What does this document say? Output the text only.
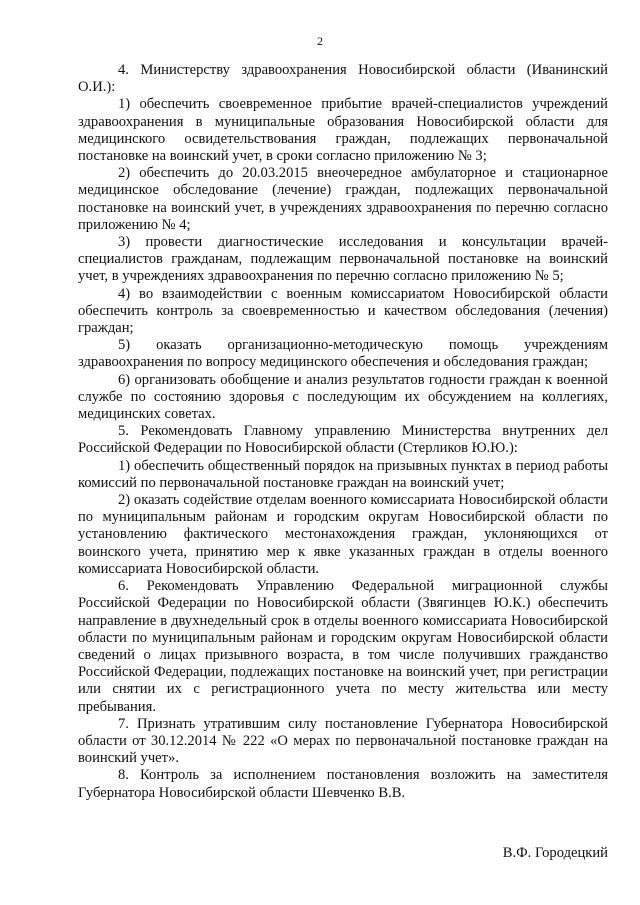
2

4. Министерству здравоохранения Новосибирской области (Иванинский О.И.):

1) обеспечить своевременное прибытие врачей-специалистов учреждений здравоохранения в муниципальные образования Новосибирской области для медицинского освидетельствования граждан, подлежащих первоначальной постановке на воинский учет, в сроки согласно приложению № 3;

2) обеспечить до 20.03.2015 внеочередное амбулаторное и стационарное медицинское обследование (лечение) граждан, подлежащих первоначальной постановке на воинский учет, в учреждениях здравоохранения по перечню согласно приложению № 4;

3) провести диагностические исследования и консультации врачей-специалистов гражданам, подлежащим первоначальной постановке на воинский учет, в учреждениях здравоохранения по перечню согласно приложению № 5;

4) во взаимодействии с военным комиссариатом Новосибирской области обеспечить контроль за своевременностью и качеством обследования (лечения) граждан;

5) оказать организационно-методическую помощь учреждениям здравоохранения по вопросу медицинского обеспечения и обследования граждан;

6) организовать обобщение и анализ результатов годности граждан к военной службе по состоянию здоровья с последующим их обсуждением на коллегиях, медицинских советах.

5. Рекомендовать Главному управлению Министерства внутренних дел Российской Федерации по Новосибирской области (Стерликов Ю.Ю.):

1) обеспечить общественный порядок на призывных пунктах в период работы комиссий по первоначальной постановке граждан на воинский учет;

2) оказать содействие отделам военного комиссариата Новосибирской области по муниципальным районам и городским округам Новосибирской области по установлению фактического местонахождения граждан, уклоняющихся от воинского учета, принятию мер к явке указанных граждан в отделы военного комиссариата Новосибирской области.

6. Рекомендовать Управлению Федеральной миграционной службы Российской Федерации по Новосибирской области (Звягинцев Ю.К.) обеспечить направление в двухнедельный срок в отделы военного комиссариата Новосибирской области по муниципальным районам и городским округам Новосибирской области сведений о лицах призывного возраста, в том числе получивших гражданство Российской Федерации, подлежащих постановке на воинский учет, при регистрации или снятии их с регистрационного учета по месту жительства или месту пребывания.

7. Признать утратившим силу постановление Губернатора Новосибирской области от 30.12.2014 № 222 «О мерах по первоначальной постановке граждан на воинский учет».

8. Контроль за исполнением постановления возложить на заместителя Губернатора Новосибирской области Шевченко В.В.

В.Ф. Городецкий
